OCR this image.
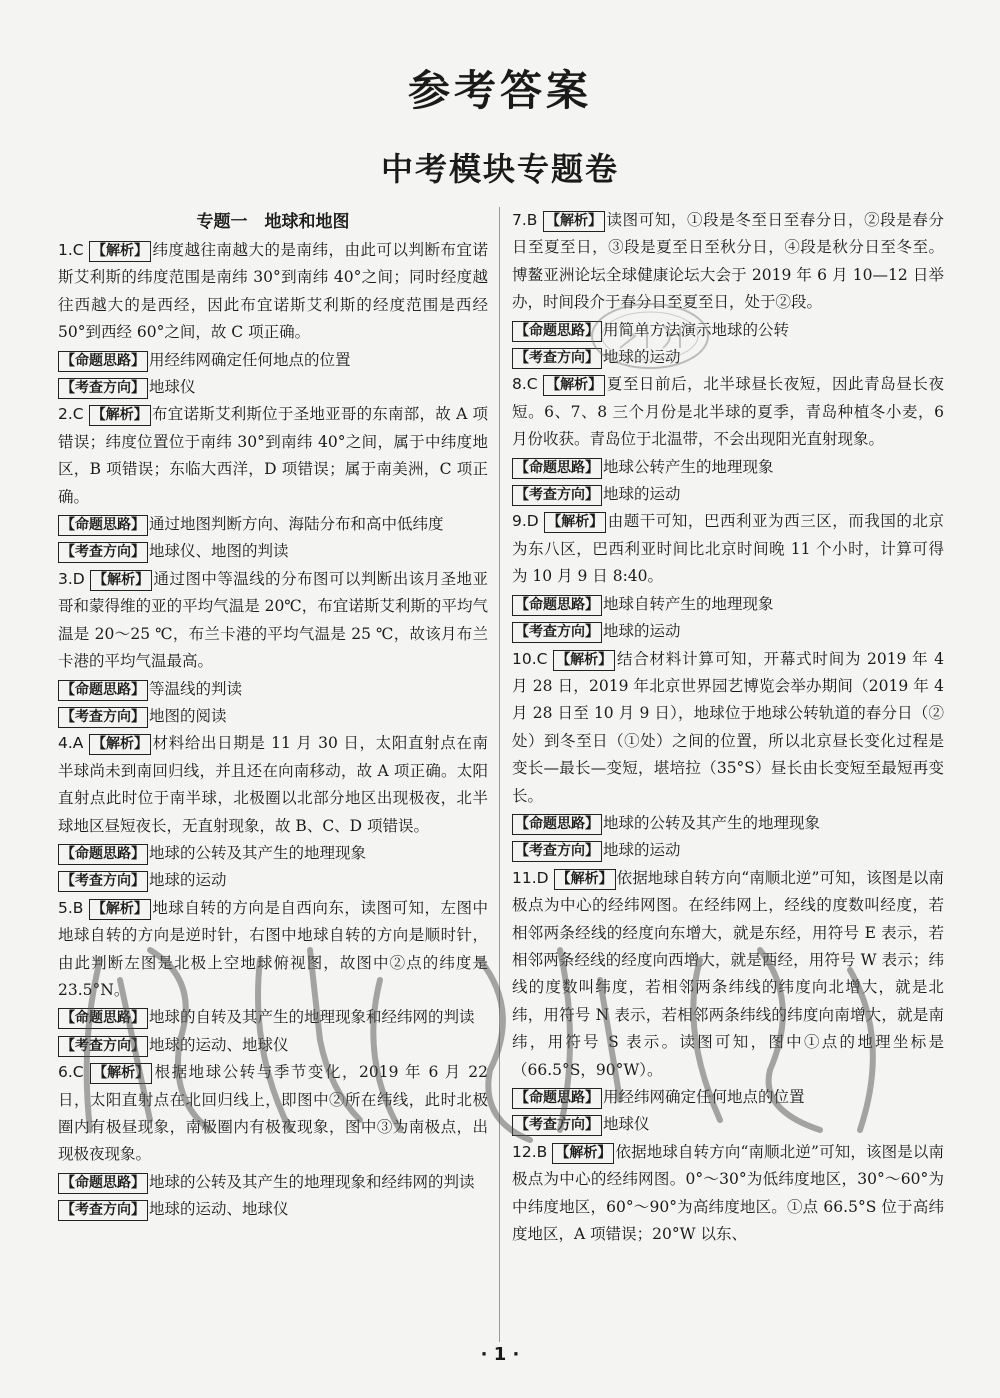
参考答案
中考模块专题卷
专题一　地球和地图

1.C 【解析】 纬度越往南越大的是南纬，由此可以判断布宜诺斯艾利斯的纬度范围是南纬 30°到南纬 40°之间；同时经度越往西越大的是西经，因此布宜诺斯艾利斯的经度范围是西经 50°到西经 60°之间，故 C 项正确。

【命题思路】 用经纬网确定任何地点的位置

【考查方向】 地球仪

2.C 【解析】 布宜诺斯艾利斯位于圣地亚哥的东南部，故 A 项错误；纬度位置位于南纬 30°到南纬 40°之间，属于中纬度地区，B 项错误；东临大西洋，D 项错误；属于南美洲，C 项正确。

【命题思路】 通过地图判断方向、海陆分布和高中低纬度

【考查方向】 地球仪、地图的判读

3.D 【解析】 通过图中等温线的分布图可以判断出该月圣地亚哥和蒙得维的亚的平均气温是 20℃，布宜诺斯艾利斯的平均气温是 20～25 ℃，布兰卡港的平均气温是 25 ℃，故该月布兰卡港的平均气温最高。

【命题思路】 等温线的判读

【考查方向】 地图的阅读

4.A 【解析】 材料给出日期是 11 月 30 日，太阳直射点在南半球尚未到南回归线，并且还在向南移动，故 A 项正确。太阳直射点此时位于南半球，北极圈以北部分地区出现极夜，北半球地区昼短夜长，无直射现象，故 B、C、D 项错误。

【命题思路】 地球的公转及其产生的地理现象

【考查方向】 地球的运动

5.B 【解析】 地球自转的方向是自西向东，读图可知，左图中地球自转的方向是逆时针，右图中地球自转的方向是顺时针，由此判断左图是北极上空地球俯视图，故图中②点的纬度是 23.5°N。

【命题思路】 地球的自转及其产生的地理现象和经纬网的判读

【考查方向】 地球的运动、地球仪

6.C 【解析】 根据地球公转与季节变化，2019 年 6 月 22 日，太阳直射点在北回归线上，即图中②所在纬线，此时北极圈内有极昼现象，南极圈内有极夜现象，图中③为南极点，出现极夜现象。

【命题思路】 地球的公转及其产生的地理现象和经纬网的判读

【考查方向】 地球的运动、地球仪

7.B 【解析】 读图可知，①段是冬至日至春分日，②段是春分日至夏至日，③段是夏至日至秋分日，④段是秋分日至冬至。博鳌亚洲论坛全球健康论坛大会于 2019 年 6 月 10—12 日举办，时间段介于春分日至夏至日，处于②段。

【命题思路】 用简单方法演示地球的公转

【考查方向】 地球的运动

8.C 【解析】 夏至日前后，北半球昼长夜短，因此青岛昼长夜短。6、7、8 三个月份是北半球的夏季，青岛种植冬小麦，6 月份收获。青岛位于北温带，不会出现阳光直射现象。

【命题思路】 地球公转产生的地理现象

【考查方向】 地球的运动

9.D 【解析】 由题干可知，巴西利亚为西三区，而我国的北京为东八区，巴西利亚时间比北京时间晚 11 个小时，计算可得为 10 月 9 日 8:40。

【命题思路】 地球自转产生的地理现象

【考查方向】 地球的运动

10.C 【解析】 结合材料计算可知，开幕式时间为 2019 年 4 月 28 日，2019 年北京世界园艺博览会举办期间（2019 年 4 月 28 日至 10 月 9 日），地球位于地球公转轨道的春分日（②处）到冬至日（①处）之间的位置，所以北京昼长变化过程是变长—最长—变短，堪培拉（35°S）昼长由长变短至最短再变长。

【命题思路】 地球的公转及其产生的地理现象

【考查方向】 地球的运动

11.D 【解析】 依据地球自转方向“南顺北逆”可知，该图是以南极点为中心的经纬网图。在经纬网上，经线的度数叫经度，若相邻两条经线的经度向东增大，就是东经，用符号 E 表示，若相邻两条经线的经度向西增大，就是西经，用符号 W 表示；纬线的度数叫纬度，若相邻两条纬线的纬度向北增大，就是北纬，用符号 N 表示，若相邻两条纬线的纬度向南增大，就是南纬，用符号 S 表示。读图可知，图中①点的地理坐标是（66.5°S，90°W）。

【命题思路】 用经纬网确定任何地点的位置

【考查方向】 地球仪

12.B 【解析】 依据地球自转方向“南顺北逆”可知，该图是以南极点为中心的经纬网图。0°～30°为低纬度地区，30°～60°为中纬度地区，60°～90°为高纬度地区。①点 66.5°S 位于高纬度地区，A 项错误；20°W 以东、

· 1 ·
